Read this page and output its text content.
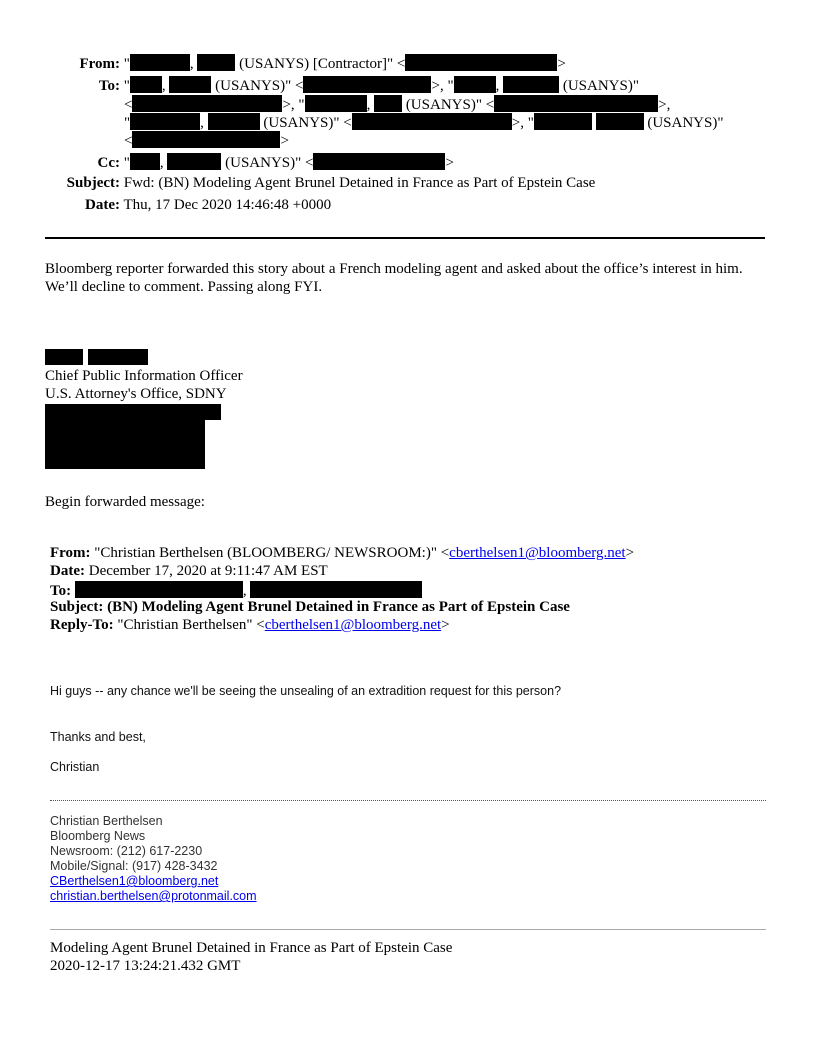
From: "	,	(USANYS) [Contractor]" <	>
To: " ,	(USANYS)" <	>, "	,	(USANYS)"
<	>, "	,  (USANYS)" <	>,
"	,	(USANYS)" <	>, "	(USANYS)"
<	>
Cc: " ,	(USANYS)" <	>
Subject: Fwd: (BN) Modeling Agent Brunel Detained in France as Part of Epstein Case
Date: Thu, 17 Dec 2020 14:46:48 +0000
Bloomberg reporter forwarded this story about a French modeling agent and asked about the office’s interest in him. We’ll decline to comment. Passing along FYI.
Chief Public Information Officer
U.S. Attorney's Office, SDNY
Begin forwarded message:
From: "Christian Berthelsen (BLOOMBERG/ NEWSROOM:)" <cberthelsen1@bloomberg.net>
Date: December 17, 2020 at 9:11:47 AM EST
To:	,
Subject: (BN) Modeling Agent Brunel Detained in France as Part of Epstein Case
Reply-To: "Christian Berthelsen" <cberthelsen1@bloomberg.net>
Hi guys -- any chance we'll be seeing the unsealing of an extradition request for this person?
Thanks and best,
Christian
Christian Berthelsen
Bloomberg News
Newsroom: (212) 617-2230
Mobile/Signal: (917) 428-3432
CBerthelsen1@bloomberg.net
christian.berthelsen@protonmail.com
Modeling Agent Brunel Detained in France as Part of Epstein Case
2020-12-17 13:24:21.432 GMT
